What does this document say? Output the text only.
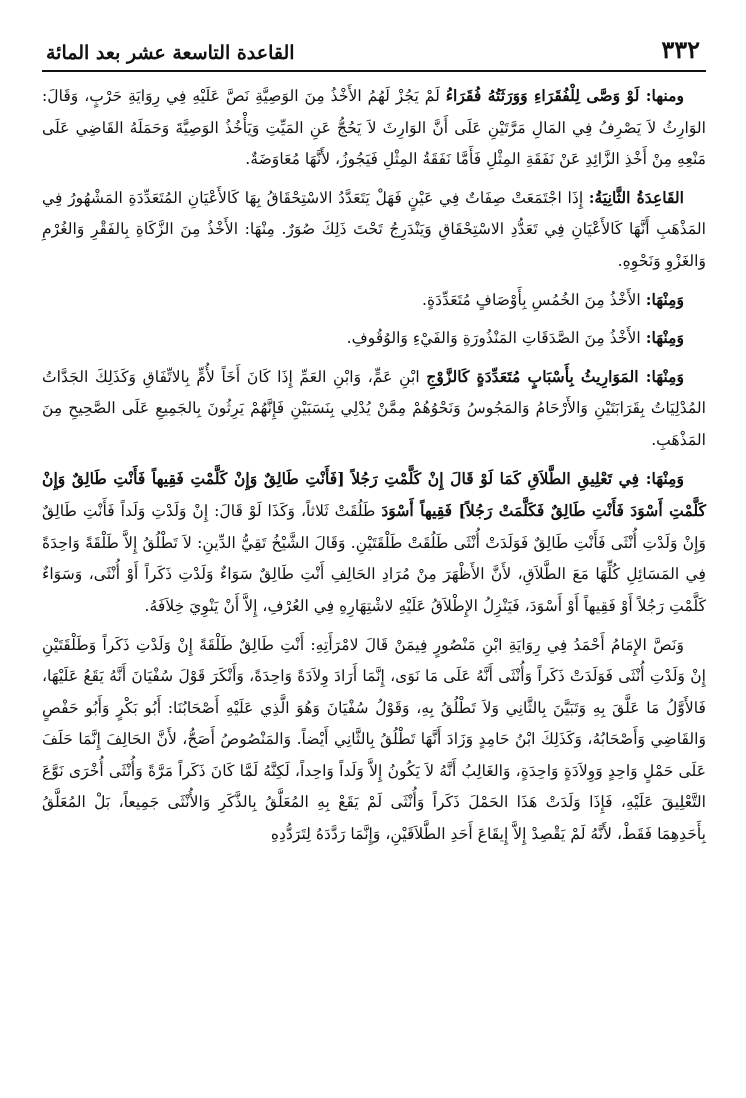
٣٣٢
القاعدة التاسعة عشر بعد المائة

ومنها: لَوْ وَصَّى لِلْفُقَرَاءِ وَوَرَثَتُهُ فُقَرَاءُ لَمْ يَجُزْ لَهُمُ الأَخْذُ مِنَ الوَصِيَّةِ نَصَّ عَلَيْهِ فِي رِوَايَةِ حَرْبٍ، وَقَالَ: الوَارِثُ لاَ يَصْرِفُ فِي المَالِ مَرَّتَيْنِ عَلَى أَنَّ الوَارِثَ لاَ يَحُجُّ عَنِ المَيِّتِ وَيَأْخُذُ الوَصِيَّةَ وَحَمَلَهُ القَاضِي عَلَى مَنْعِهِ مِنْ أَخْذِ الزَّائِدِ عَنْ نَفَقَةِ المِثْلِ فَأَمَّا نَفَقَةُ المِثْلِ فَيَجُوزُ، لأَنَّهَا مُعَاوَضَةٌ.

القَاعِدَةُ الثَّانِيَةُ: إِذَا اجْتَمَعَتْ صِفَاتٌ فِي عَيْنٍ فَهَلْ يَتَعَدَّدُ الاسْتِحْقَاقُ بِهَا كَالأَعْيَانِ المُتَعَدِّدَةِ المَشْهُورُ فِي المَذْهَبِ أَنَّهَا كَالأَعْيَانِ فِي تَعَدُّدِ الاسْتِحْقَاقِ وَيَنْدَرِجُ تَحْتَ ذَلِكَ صُوَرٌ. مِنْهَا: الأَخْذُ مِنَ الزَّكَاةِ بِالفَقْرِ وَالغُرْمِ وَالغَزْوِ وَنَحْوِهِ.

وَمِنْهَا: الأَخْذُ مِنَ الخُمُسِ بِأَوْصَافٍ مُتَعَدِّدَةٍ.

وَمِنْهَا: الأَخْذُ مِنَ الصَّدَقَاتِ المَنْذُورَةِ وَالفَيْءِ وَالوُقُوفِ.

وَمِنْهَا: المَوَارِيثُ بِأَسْبَابٍ مُتَعَدِّدَةٍ كَالزَّوْجِ ابْنِ عَمٍّ، وَابْنِ العَمِّ إِذَا كَانَ أَخَاً لأُمٍّ بِالاتِّفَاقِ وَكَذَلِكَ الجَدَّاتُ المُدْلِيَاتُ بِقَرَابَتَيْنِ وَالأَرْحَامُ وَالمَجُوسُ وَنَحْوُهُمْ مِمَّنْ يُدْلِي بِنَسَبَيْنِ فَإِنَّهُمْ يَرِثُونَ بِالجَمِيعِ عَلَى الصَّحِيحِ مِنَ المَذْهَبِ.

وَمِنْهَا: فِي تَعْلِيقِ الطَّلاَقِ كَمَا لَوْ قَالَ إِنْ كَلَّمْتِ رَجُلاً [فَأَنْتِ طَالِقٌ وَإِنْ كَلَّمْتِ فَقِيهاً فَأَنْتِ طَالِقٌ وَإِنْ كَلَّمْتِ أَسْوَدَ فَأَنْتِ طَالِقٌ فَكَلَّمَتْ رَجُلاً] فَقِيهاً أَسْوَدَ طَلُقَتْ ثَلاثاً، وَكَذَا لَوْ قَالَ: إِنْ وَلَدْتِ وَلَداً فَأَنْتِ طَالِقٌ وَإِنْ وَلَدْتِ أُنْثَى فَأَنْتِ طَالِقٌ فَوَلَدَتْ أُنْثَى طَلُقَتْ طَلْقَتَيْنِ. وَقَالَ الشَّيْخُ تَقِيُّ الدِّينِ: لاَ تَطْلُقُ إِلاَّ طَلْقَةً وَاحِدَةً فِي المَسَائِلِ كُلِّهَا مَعَ الطَّلاَقِ، لأَنَّ الأَظْهَرَ مِنْ مُرَادِ الحَالِفِ أَنْتِ طَالِقٌ سَوَاءٌ وَلَدْتِ ذَكَراً أَوْ أُنْثَى، وَسَوَاءٌ كَلَّمْتِ رَجُلاً أَوْ فَقِيهاً أَوْ أَسْوَدَ، فَيَنْزِلُ الإِطْلاَقُ عَلَيْهِ لاشْتِهَارِهِ فِي العُرْفِ، إِلاَّ أَنْ يَنْوِيَ خِلاَفَهُ.

وَنَصَّ الإِمَامُ أَحْمَدُ فِي رِوَايَةِ ابْنِ مَنْصُورٍ فِيمَنْ قَالَ لامْرَأَتِهِ: أَنْتِ طَالِقٌ طَلْقَةً إِنْ وَلَدْتِ ذَكَراً وَطَلْقَتَيْنِ إِنْ وَلَدْتِ أُنْثَى فَوَلَدَتْ ذَكَراً وَأُنْثَى أَنَّهُ عَلَى مَا نَوَى، إِنَّمَا أَرَادَ وِلاَدَةً وَاحِدَةً، وَأَنْكَرَ قَوْلَ سُفْيَانَ أَنَّهُ يَقَعُ عَلَيْهَا، فَالأَوَّلُ مَا عَلَّقَ بِهِ وَتَبَيَّنَ بِالثَّانِي وَلاَ تَطْلُقُ بِهِ، وَقَوْلُ سُفْيَانَ وَهُوَ الَّذِي عَلَيْهِ أَصْحَابُنَا: أَبُو بَكْرٍ وَأَبُو حَفْصٍ وَالقَاضِي وَأَصْحَابُهُ، وَكَذَلِكَ ابْنُ حَامِدٍ وَزَادَ أَنَّهَا تَطْلُقُ بِالثَّانِي أَيْضاً. وَالمَنْصُوصُ أَصَحُّ، لأَنَّ الحَالِفَ إِنَّمَا حَلَفَ عَلَى حَمْلٍ وَاحِدٍ وَوِلاَدَةٍ وَاحِدَةٍ، وَالغَالِبُ أَنَّهُ لاَ يَكُونُ إِلاَّ وَلَداً وَاحِداً، لَكِنَّهُ لَمَّا كَانَ ذَكَراً مَرَّةً وَأُنْثَى أُخْرَى نَوَّعَ التَّعْلِيقَ عَلَيْهِ، فَإِذَا وَلَدَتْ هَذَا الحَمْلَ ذَكَراً وَأُنْثَى لَمْ يَقَعْ بِهِ المُعَلَّقُ بِالذَّكَرِ وَالأُنْثَى جَمِيعاً، بَلْ المُعَلَّقُ بِأَحَدِهِمَا فَقَطْ، لأَنَّهُ لَمْ يَقْصِدْ إِلاَّ إِيقَاعَ أَحَدِ الطَّلاَقَيْنِ، وَإِنَّمَا رَدَّدَهُ لِتَرَدُّدِهِ
